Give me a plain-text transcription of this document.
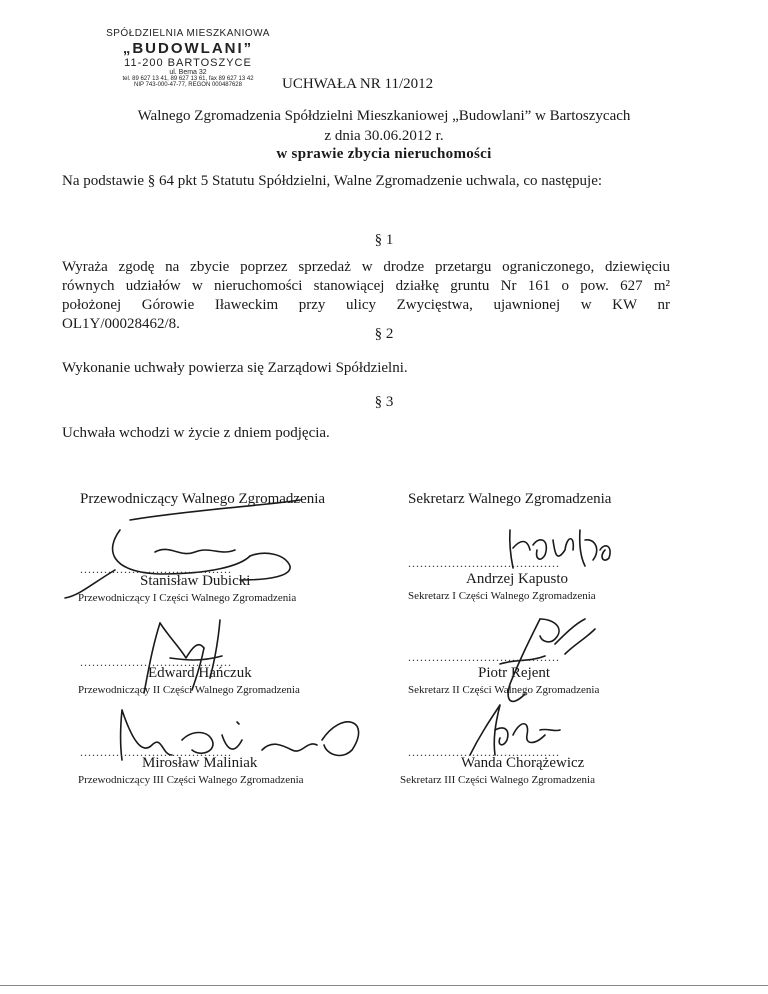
SPÓŁDZIELNIA MIESZKANIOWA
„BUDOWLANI”
11-200 BARTOSZYCE
ul. Bema 32
tel. 89 627 13 41, 89 627 13 61, fax 89 627 13 42
NIP 743-000-47-77, REGON 000487628	UCHWAŁA NR 11/2012
Walnego Zgromadzenia Spółdzielni Mieszkaniowej „Budowlani” w Bartoszycach
z dnia 30.06.2012 r.
w sprawie zbycia nieruchomości
Na podstawie § 64 pkt 5 Statutu Spółdzielni, Walne Zgromadzenie uchwala, co następuje:
§ 1
Wyraża zgodę na zbycie poprzez sprzedaż w drodze przetargu ograniczonego, dziewięciu
równych udziałów w nieruchomości stanowiącej działkę gruntu Nr 161 o pow. 627 m²
położonej Górowie Iławeckim przy ulicy Zwycięstwa, ujawnionej w KW nr
OL1Y/00028462/8.
§ 2
Wykonanie uchwały powierza się Zarządowi Spółdzielni.
§ 3
Uchwała wchodzi w życie z dniem podjęcia.
Przewodniczący Walnego Zgromadzenia	Sekretarz Walnego Zgromadzenia
......................................
Stanisław Dubicki
Przewodniczący I Części Walnego Zgromadzenia
......................................
Edward Hańczuk
Przewodniczący II Części Walnego Zgromadzenia
......................................
Mirosław Maliniak
Przewodniczący III Części Walnego Zgromadzenia
......................................
Andrzej Kapusto
Sekretarz I Części Walnego Zgromadzenia
......................................
Piotr Rejent
Sekretarz II Części Walnego Zgromadzenia
......................................
Wanda Chorążewicz
Sekretarz III Części Walnego Zgromadzenia
